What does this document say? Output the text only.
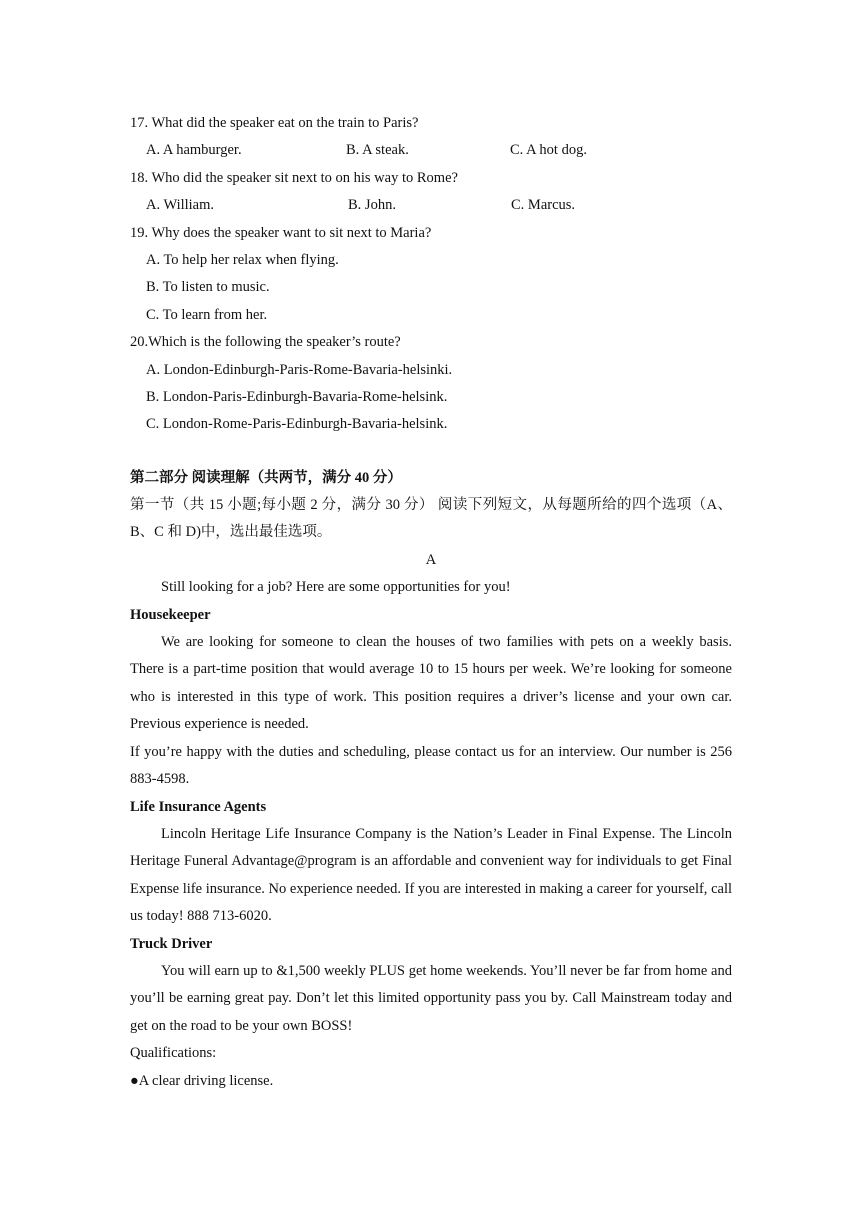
17. What did the speaker eat on the train to Paris?
A. A hamburger.	B. A steak.	C. A hot dog.
18. Who did the speaker sit next to on his way to Rome?
A. William.	B. John.	C. Marcus.
19. Why does the speaker want to sit next to Maria?
A. To help her relax when flying.
B. To listen to music.
C. To learn from her.
20.Which is the following the speaker’s route?
A. London-Edinburgh-Paris-Rome-Bavaria-helsinki.
B. London-Paris-Edinburgh-Bavaria-Rome-helsink.
C. London-Rome-Paris-Edinburgh-Bavaria-helsink.
第二部分 阅读理解（共两节，满分 40 分）

第一节（共 15 小题;每小题 2 分，满分 30 分） 阅读下列短文，从每题所给的四个选项（A、B、C 和 D)中，选出最佳选项。

A

Still looking for a job? Here are some opportunities for you!

Housekeeper

We are looking for someone to clean the houses of two families with pets on a weekly basis. There is a part-time position that would average 10 to 15 hours per week. We’re looking for someone who is interested in this type of work. This position requires a driver’s license and your own car. Previous experience is needed.

If you’re happy with the duties and scheduling, please contact us for an interview. Our number is 256 883-4598.

Life Insurance Agents

Lincoln Heritage Life Insurance Company is the Nation’s Leader in Final Expense. The Lincoln Heritage Funeral Advantage@program is an affordable and convenient way for individuals to get Final Expense life insurance. No experience needed. If you are interested in making a career for yourself, call us today! 888 713-6020.

Truck Driver

You will earn up to &1,500 weekly PLUS get home weekends. You’ll never be far from home and you’ll be earning great pay. Don’t let this limited opportunity pass you by. Call Mainstream today and get on the road to be your own BOSS!

Qualifications:
●A clear driving license.
